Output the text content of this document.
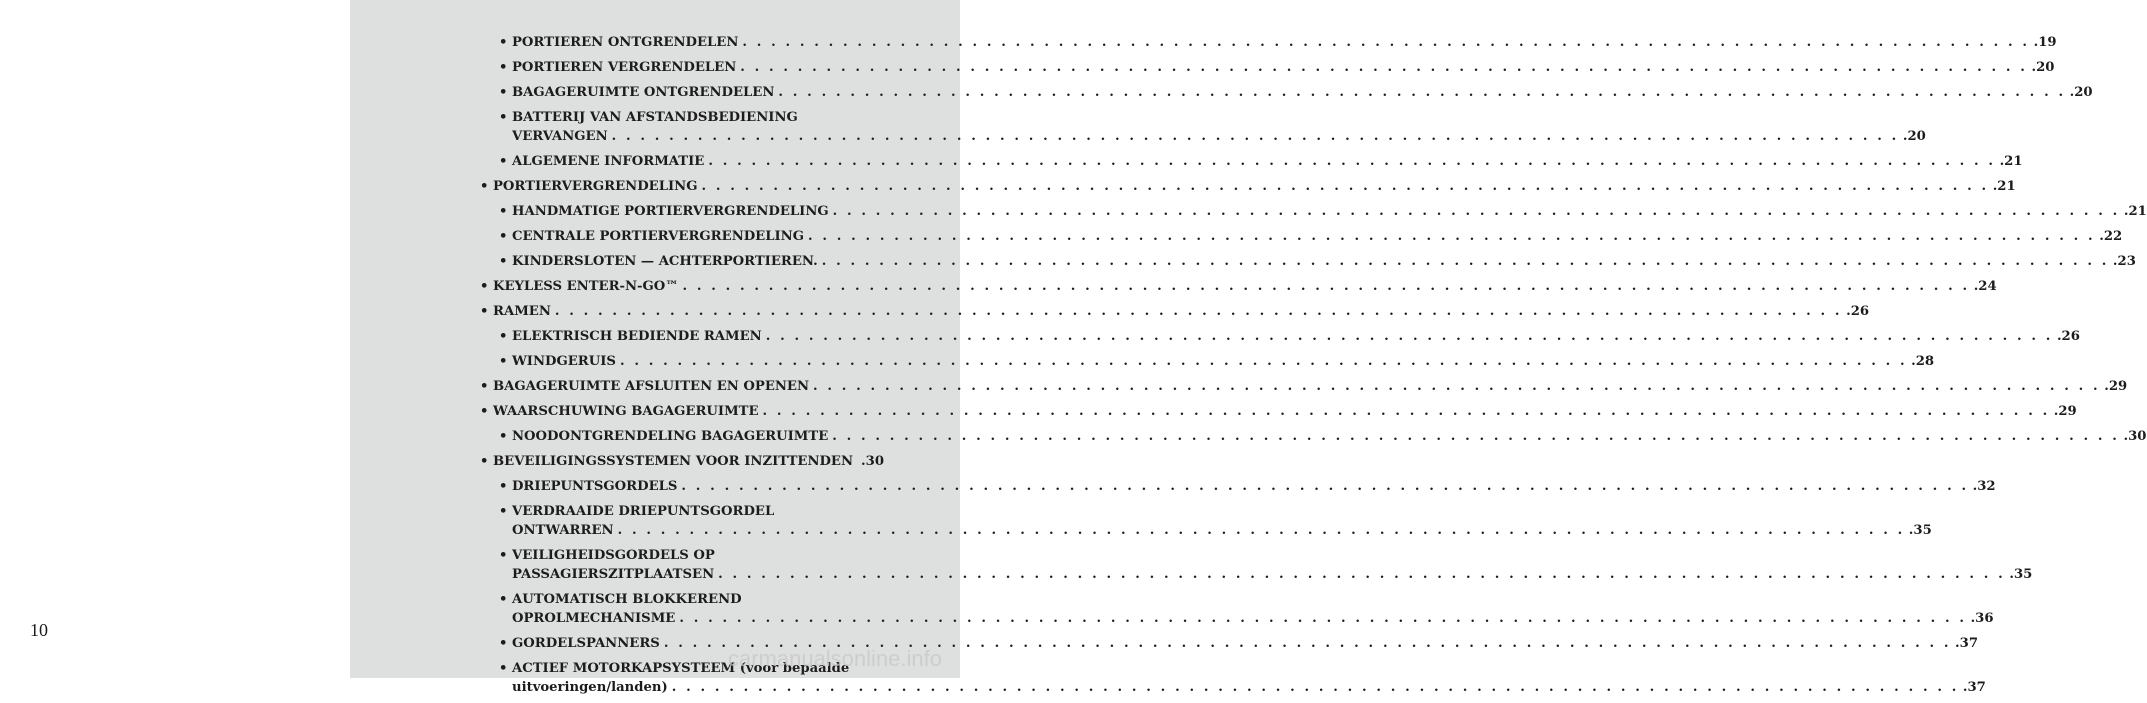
10
• PORTIEREN ONTGRENDELEN . . . . . . . . . . . . . . . . . . . . . . . . . . . . . . . . . . . . . . . . . . . . . . . . . . . . . . . . . . . . . . . . . . . . . . . . . . . . . . . . . . . . . . . . . . . 19
• PORTIEREN VERGRENDELEN . . . . . . . . . . . . . . . . . . . . . . . . . . . . . . . . . . . . . . . . . . . . . . . . . . . . . . . . . . . . . . . . . . . . . . . . . . . . . . . . . . . . . . . . . . . 20
• BAGAGERUIMTE ONTGRENDELEN . . . . . . . . . . . . . . . . . . . . . . . . . . . . . . . . . . . . . . . . . . . . . . . . . . . . . . . . . . . . . . . . . . . . . . . . . . . . . . . . . . . . . . . . . . . 20
• BATTERIJ VAN AFSTANDSBEDIENING
VERVANGEN . . . . . . . . . . . . . . . . . . . . . . . . . . . . . . . . . . . . . . . . . . . . . . . . . . . . . . . . . . . . . . . . . . . . . . . . . . . . . . . . . . . . . . . . . . . 20
• ALGEMENE INFORMATIE . . . . . . . . . . . . . . . . . . . . . . . . . . . . . . . . . . . . . . . . . . . . . . . . . . . . . . . . . . . . . . . . . . . . . . . . . . . . . . . . . . . . . . . . . . . 21
• PORTIERVERGRENDELING . . . . . . . . . . . . . . . . . . . . . . . . . . . . . . . . . . . . . . . . . . . . . . . . . . . . . . . . . . . . . . . . . . . . . . . . . . . . . . . . . . . . . . . . . . . 21
• HANDMATIGE PORTIERVERGRENDELING . . . . . . . . . . . . . . . . . . . . . . . . . . . . . . . . . . . . . . . . . . . . . . . . . . . . . . . . . . . . . . . . . . . . . . . . . . . . . . . . . . . . . . . . . . . 21
• CENTRALE PORTIERVERGRENDELING . . . . . . . . . . . . . . . . . . . . . . . . . . . . . . . . . . . . . . . . . . . . . . . . . . . . . . . . . . . . . . . . . . . . . . . . . . . . . . . . . . . . . . . . . . . 22
• KINDERSLOTEN — ACHTERPORTIEREN. . . . . . . . . . . . . . . . . . . . . . . . . . . . . . . . . . . . . . . . . . . . . . . . . . . . . . . . . . . . . . . . . . . . . . . . . . . . . . . . . . . . . . . . . . . . 23
• KEYLESS ENTER-N-GO™ . . . . . . . . . . . . . . . . . . . . . . . . . . . . . . . . . . . . . . . . . . . . . . . . . . . . . . . . . . . . . . . . . . . . . . . . . . . . . . . . . . . . . . . . . . . 24
• RAMEN . . . . . . . . . . . . . . . . . . . . . . . . . . . . . . . . . . . . . . . . . . . . . . . . . . . . . . . . . . . . . . . . . . . . . . . . . . . . . . . . . . . . . . . . . . . 26
• ELEKTRISCH BEDIENDE RAMEN . . . . . . . . . . . . . . . . . . . . . . . . . . . . . . . . . . . . . . . . . . . . . . . . . . . . . . . . . . . . . . . . . . . . . . . . . . . . . . . . . . . . . . . . . . . 26
• WINDGERUIS . . . . . . . . . . . . . . . . . . . . . . . . . . . . . . . . . . . . . . . . . . . . . . . . . . . . . . . . . . . . . . . . . . . . . . . . . . . . . . . . . . . . . . . . . . . 28
• BAGAGERUIMTE AFSLUITEN EN OPENEN . . . . . . . . . . . . . . . . . . . . . . . . . . . . . . . . . . . . . . . . . . . . . . . . . . . . . . . . . . . . . . . . . . . . . . . . . . . . . . . . . . . . . . . . . . . 29
• WAARSCHUWING BAGAGERUIMTE . . . . . . . . . . . . . . . . . . . . . . . . . . . . . . . . . . . . . . . . . . . . . . . . . . . . . . . . . . . . . . . . . . . . . . . . . . . . . . . . . . . . . . . . . . . 29
• NOODONTGRENDELING BAGAGERUIMTE . . . . . . . . . . . . . . . . . . . . . . . . . . . . . . . . . . . . . . . . . . . . . . . . . . . . . . . . . . . . . . . . . . . . . . . . . . . . . . . . . . . . . . . . . . . 30
• BEVEILIGINGSSYSTEMEN VOOR INZITTENDEN . 30
• DRIEPUNTSGORDELS . . . . . . . . . . . . . . . . . . . . . . . . . . . . . . . . . . . . . . . . . . . . . . . . . . . . . . . . . . . . . . . . . . . . . . . . . . . . . . . . . . . . . . . . . . . 32
• VERDRAAIDE DRIEPUNTSGORDEL
ONTWARREN . . . . . . . . . . . . . . . . . . . . . . . . . . . . . . . . . . . . . . . . . . . . . . . . . . . . . . . . . . . . . . . . . . . . . . . . . . . . . . . . . . . . . . . . . . . 35
• VEILIGHEIDSGORDELS OP
PASSAGIERSZITPLAATSEN . . . . . . . . . . . . . . . . . . . . . . . . . . . . . . . . . . . . . . . . . . . . . . . . . . . . . . . . . . . . . . . . . . . . . . . . . . . . . . . . . . . . . . . . . . . 35
• AUTOMATISCH BLOKKEREND
OPROLMECHANISME . . . . . . . . . . . . . . . . . . . . . . . . . . . . . . . . . . . . . . . . . . . . . . . . . . . . . . . . . . . . . . . . . . . . . . . . . . . . . . . . . . . . . . . . . . . 36
• GORDELSPANNERS . . . . . . . . . . . . . . . . . . . . . . . . . . . . . . . . . . . . . . . . . . . . . . . . . . . . . . . . . . . . . . . . . . . . . . . . . . . . . . . . . . . . . . . . . . . 37
• ACTIEF MOTORKAPSYSTEEM (voor bepaalde
uitvoeringen/landen) . . . . . . . . . . . . . . . . . . . . . . . . . . . . . . . . . . . . . . . . . . . . . . . . . . . . . . . . . . . . . . . . . . . . . . . . . . . . . . . . . . . . . . . . . . . 37
carmanualsonline.info
